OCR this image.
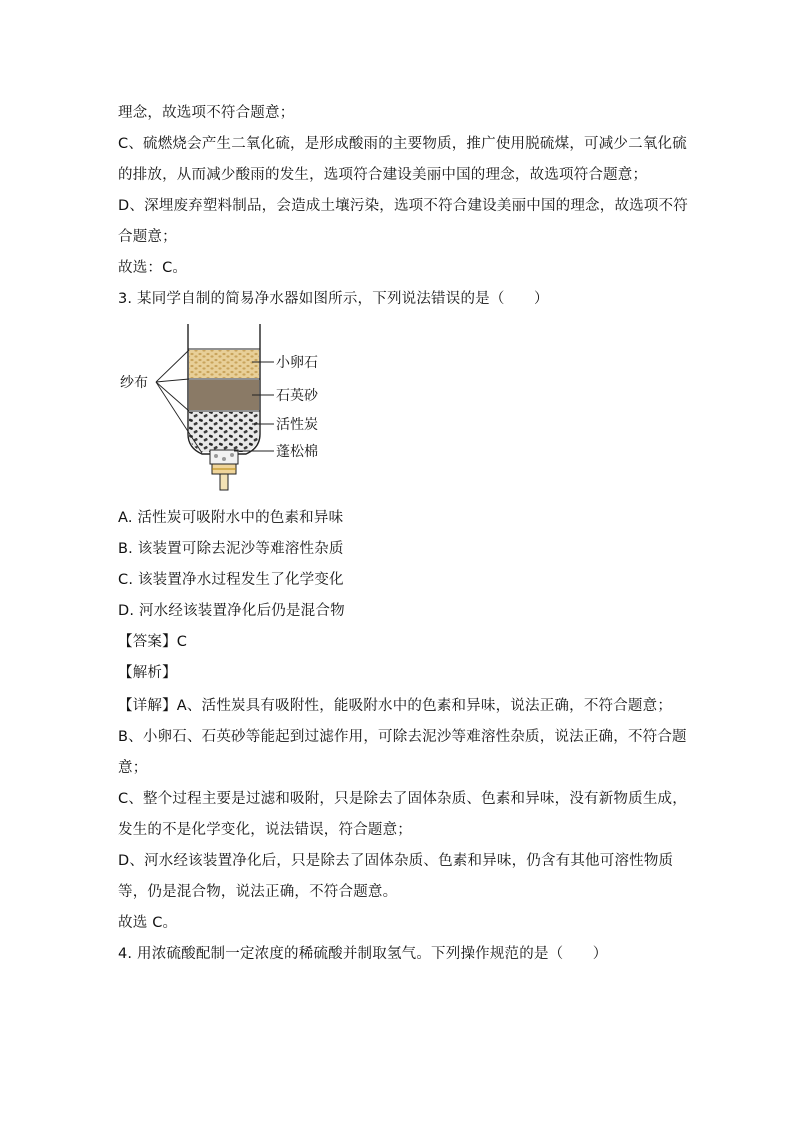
理念，故选项不符合题意；
C、硫燃烧会产生二氧化硫，是形成酸雨的主要物质，推广使用脱硫煤，可减少二氧化硫
的排放，从而减少酸雨的发生，选项符合建设美丽中国的理念，故选项符合题意；
D、深埋废弃塑料制品，会造成土壤污染，选项不符合建设美丽中国的理念，故选项不符
合题意；
故选：C。
3. 某同学自制的简易净水器如图所示，下列说法错误的是（　　）
纱布
小卵石
石英砂
活性炭
蓬松棉
A. 活性炭可吸附水中的色素和异味
B. 该装置可除去泥沙等难溶性杂质
C. 该装置净水过程发生了化学变化
D. 河水经该装置净化后仍是混合物
【答案】C
【解析】
【详解】A、活性炭具有吸附性，能吸附水中的色素和异味，说法正确，不符合题意；
B、小卵石、石英砂等能起到过滤作用，可除去泥沙等难溶性杂质，说法正确，不符合题
意；
C、整个过程主要是过滤和吸附，只是除去了固体杂质、色素和异味，没有新物质生成，
发生的不是化学变化，说法错误，符合题意；
D、河水经该装置净化后，只是除去了固体杂质、色素和异味，仍含有其他可溶性物质
等，仍是混合物，说法正确，不符合题意。
故选 C。
4. 用浓硫酸配制一定浓度的稀硫酸并制取氢气。下列操作规范的是（　　）
